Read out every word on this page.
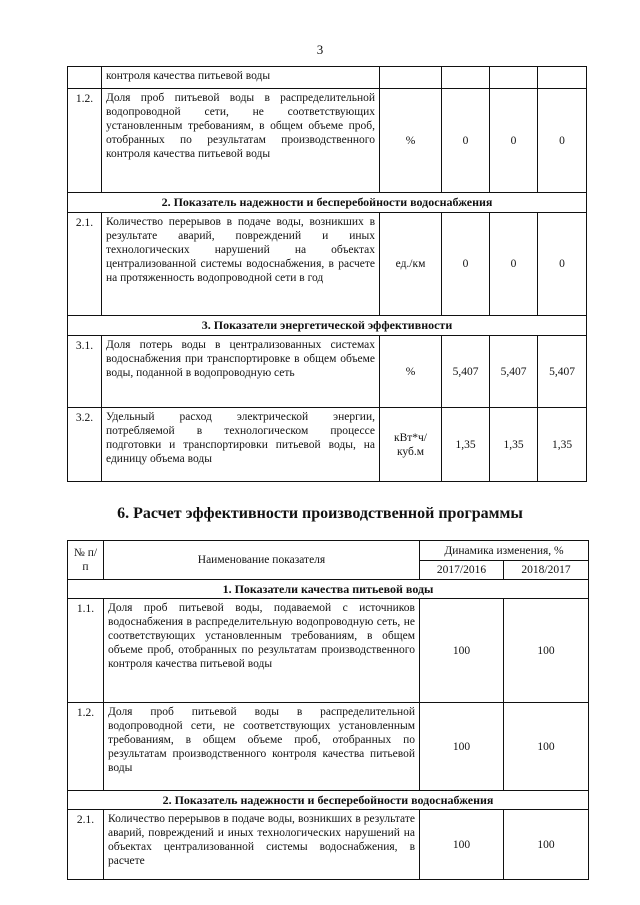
3
	контроля качества питьевой воды				
1.2.	Доля проб питьевой воды в распределительной водопроводной сети, не соответствующих установленным требованиям, в общем объеме проб, отобранных по результатам производственного контроля качества питьевой воды	%	0	0	0
2. Показатель надежности и бесперебойности водоснабжения					
2.1.	Количество перерывов в подаче воды, возникших в результате аварий, повреждений и иных технологических нарушений на объектах централизованной системы водоснабжения, в расчете на протяженность водопроводной сети в год	ед./км	0	0	0
3. Показатели энергетической эффективности					
3.1.	Доля потерь воды в централизованных системах водоснабжения при транспортировке в общем объеме воды, поданной в водопроводную сеть	%	5,407	5,407	5,407
3.2.	Удельный расход электрической энергии, потребляемой в технологическом процессе подготовки и транспортировки питьевой воды, на единицу объема воды	кВт*ч/ куб.м	1,35	1,35	1,35
6. Расчет эффективности производственной программы
№ п/п	Наименование показателя	Динамика изменения, %	
		2017/2016	2018/2017
1. Показатели качества питьевой воды			
1.1.	Доля проб питьевой воды, подаваемой с источников водоснабжения в распределительную водопроводную сеть, не соответствующих установленным требованиям, в общем объеме проб, отобранных по результатам производственного контроля качества питьевой воды	100	100
1.2.	Доля проб питьевой воды в распределительной водопроводной сети, не соответствующих установленным требованиям, в общем объеме проб, отобранных по результатам производственного контроля качества питьевой воды	100	100
2. Показатель надежности и бесперебойности водоснабжения			
2.1.	Количество перерывов в подаче воды, возникших в результате аварий, повреждений и иных технологических нарушений на объектах централизованной системы водоснабжения, в расчете	100	100
